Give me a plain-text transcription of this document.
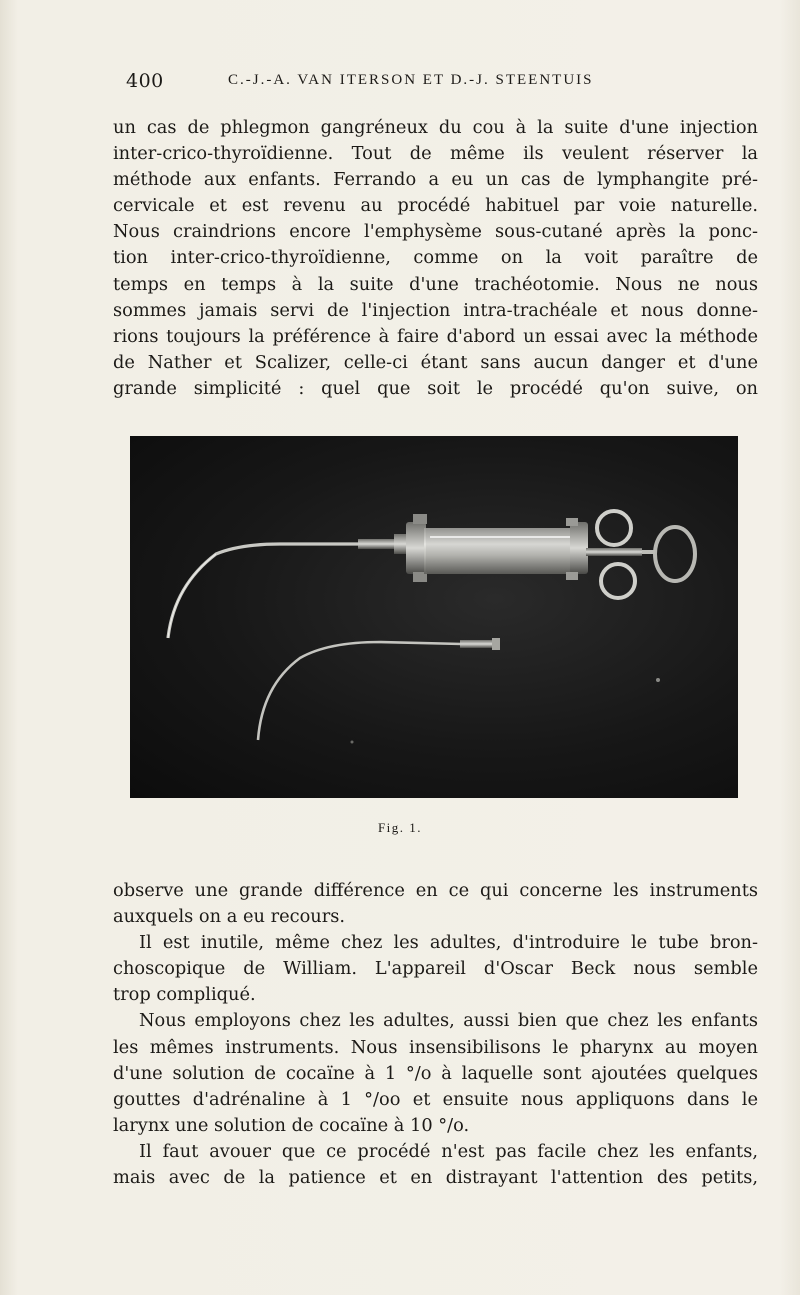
400	C.-J.-A. VAN ITERSON ET D.-J. STEENTUIS
un cas de phlegmon gangréneux du cou à la suite d'une injection
inter-crico-thyroïdienne. Tout de même ils veulent réserver la
méthode aux enfants. Ferrando a eu un cas de lymphangite pré-
cervicale et est revenu au procédé habituel par voie naturelle.
Nous craindrions encore l'emphysème sous-cutané après la ponc-
tion inter-crico-thyroïdienne, comme on la voit paraître de
temps en temps à la suite d'une trachéotomie. Nous ne nous
sommes jamais servi de l'injection intra-trachéale et nous donne-
rions toujours la préférence à faire d'abord un essai avec la méthode
de Nather et Scalizer, celle-ci étant sans aucun danger et d'une
grande simplicité : quel que soit le procédé qu'on suive, on
Fig. 1.
observe une grande différence en ce qui concerne les instruments
auxquels on a eu recours.
Il est inutile, même chez les adultes, d'introduire le tube bron-
choscopique de William. L'appareil d'Oscar Beck nous semble
trop compliqué.
Nous employons chez les adultes, aussi bien que chez les enfants
les mêmes instruments. Nous insensibilisons le pharynx au moyen
d'une solution de cocaïne à 1 °/o à laquelle sont ajoutées quelques
gouttes d'adrénaline à 1 °/oo et ensuite nous appliquons dans le
larynx une solution de cocaïne à 10 °/o.
Il faut avouer que ce procédé n'est pas facile chez les enfants,
mais avec de la patience et en distrayant l'attention des petits,
